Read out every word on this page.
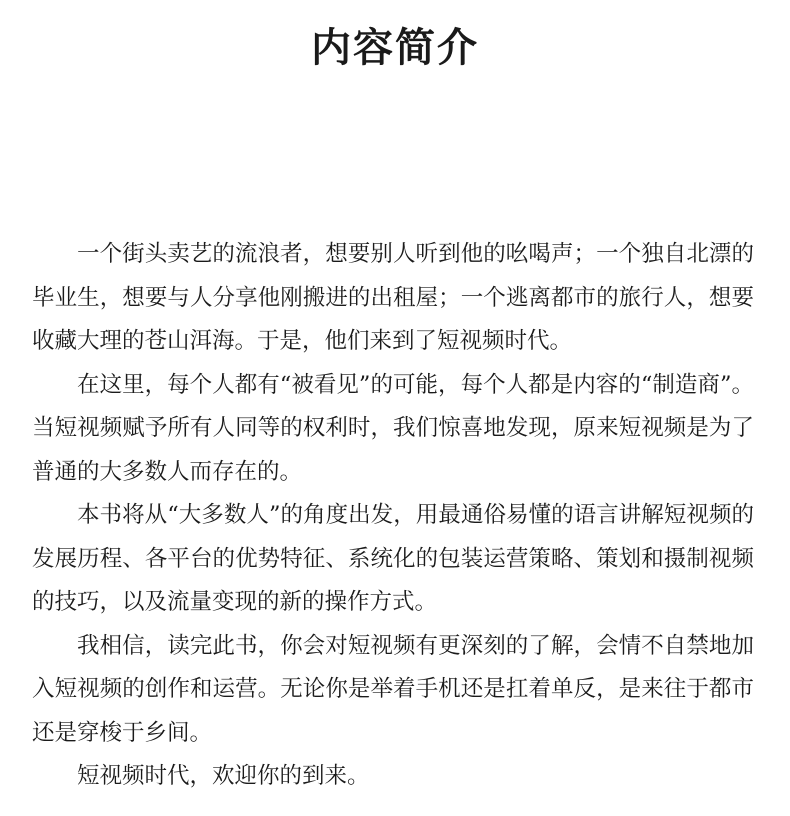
内容简介

一个街头卖艺的流浪者，想要别人听到他的吆喝声；一个独自北漂的毕业生，想要与人分享他刚搬进的出租屋；一个逃离都市的旅行人，想要收藏大理的苍山洱海。于是，他们来到了短视频时代。

在这里，每个人都有“被看见”的可能，每个人都是内容的“制造商”。当短视频赋予所有人同等的权利时，我们惊喜地发现，原来短视频是为了普通的大多数人而存在的。

本书将从“大多数人”的角度出发，用最通俗易懂的语言讲解短视频的发展历程、各平台的优势特征、系统化的包装运营策略、策划和摄制视频的技巧，以及流量变现的新的操作方式。

我相信，读完此书，你会对短视频有更深刻的了解，会情不自禁地加入短视频的创作和运营。无论你是举着手机还是扛着单反，是来往于都市还是穿梭于乡间。

短视频时代，欢迎你的到来。
